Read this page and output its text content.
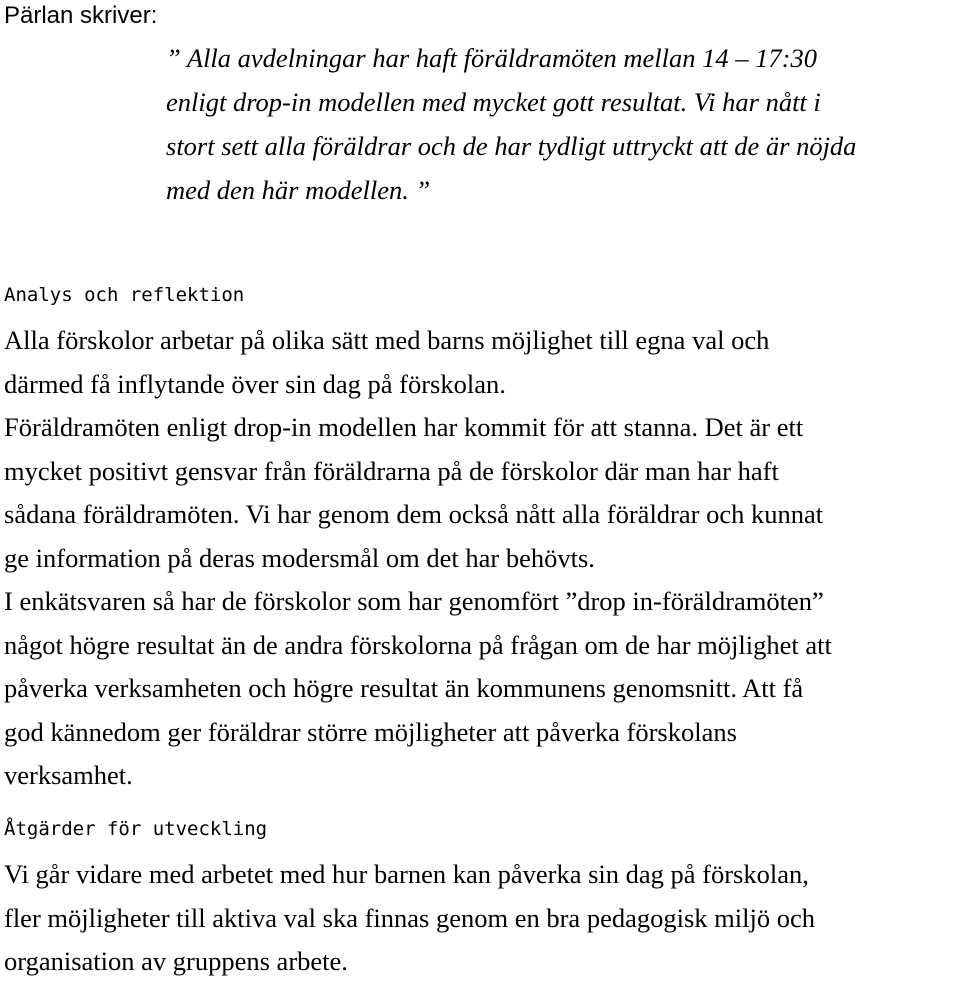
Pärlan skriver:
” Alla avdelningar har haft föräldramöten mellan 14 – 17:30
enligt drop-in modellen med mycket gott resultat. Vi har nått i
stort sett alla föräldrar och de har tydligt uttryckt att de är nöjda
med den här modellen. ”
Analys och reflektion
Alla förskolor arbetar på olika sätt med barns möjlighet till egna val och
därmed få inflytande över sin dag på förskolan.
Föräldramöten enligt drop-in modellen har kommit för att stanna. Det är ett
mycket positivt gensvar från föräldrarna på de förskolor där man har haft
sådana föräldramöten. Vi har genom dem också nått alla föräldrar och kunnat
ge information på deras modersmål om det har behövts.
I enkätsvaren så har de förskolor som har genomfört ”drop in-föräldramöten”
något högre resultat än de andra förskolorna på frågan om de har möjlighet att
påverka verksamheten och högre resultat än kommunens genomsnitt. Att få
god kännedom ger föräldrar större möjligheter att påverka förskolans
verksamhet.
Åtgärder för utveckling
Vi går vidare med arbetet med hur barnen kan påverka sin dag på förskolan,
fler möjligheter till aktiva val ska finnas genom en bra pedagogisk miljö och
organisation av gruppens arbete.
